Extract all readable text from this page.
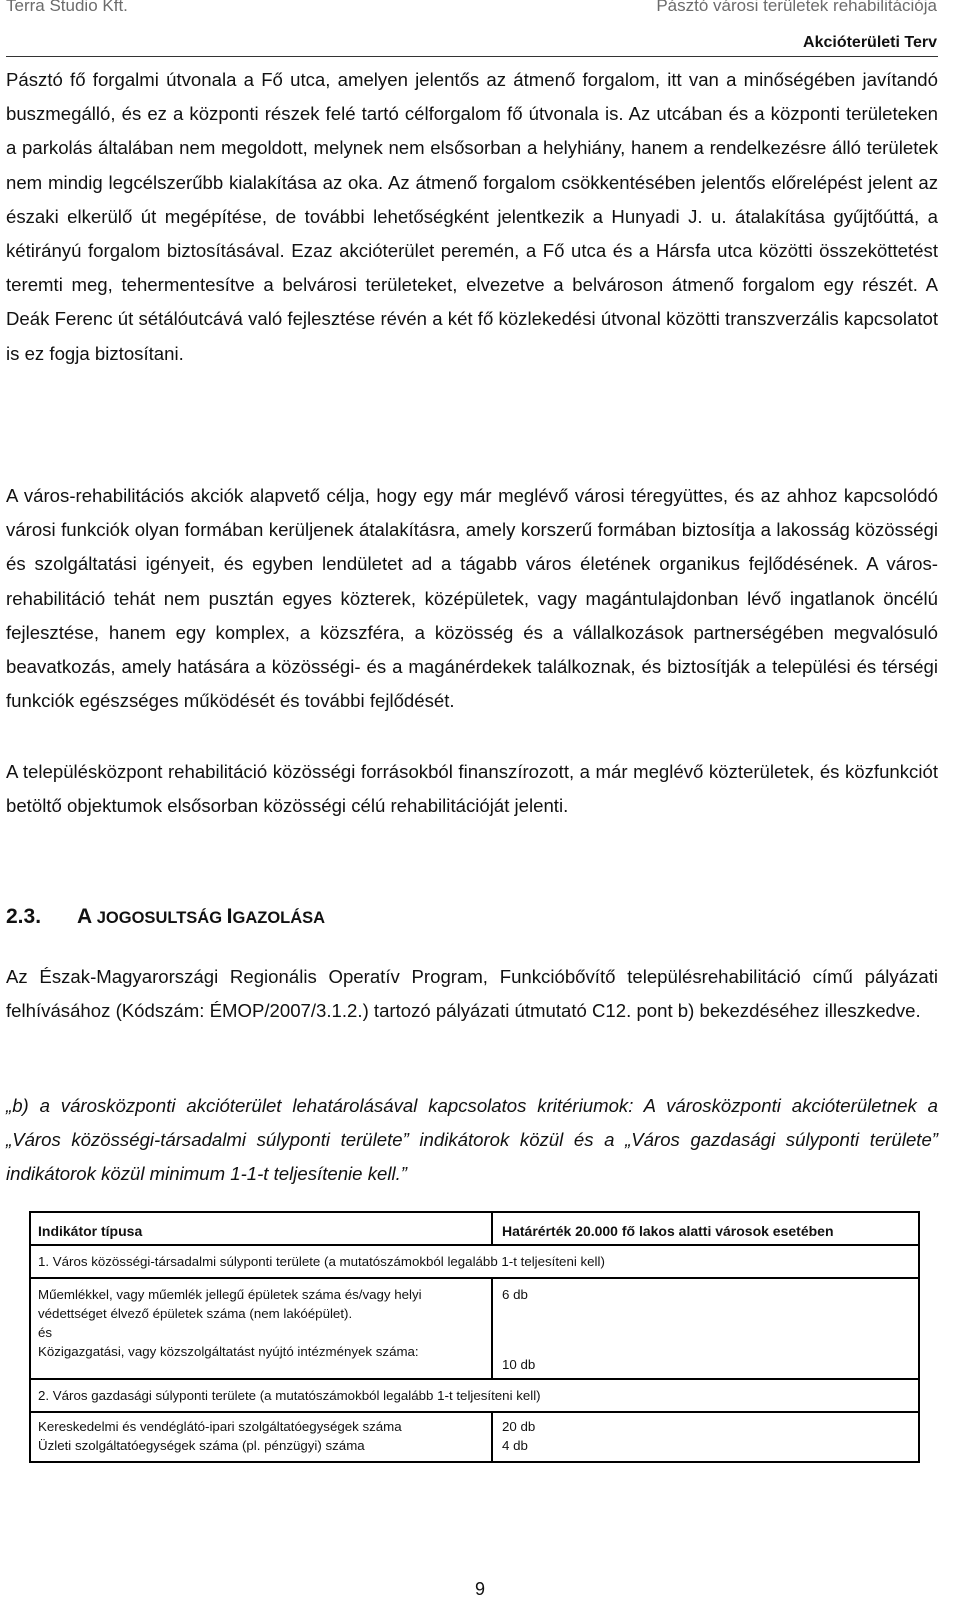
Terra Studio Kft.	Pásztó városi területek rehabilitációja
Akcióterületi Terv

Pásztó fő forgalmi útvonala a Fő utca, amelyen jelentős az átmenő forgalom, itt van a minőségében javítandó buszmegálló, és ez a központi részek felé tartó célforgalom fő útvonala is. Az utcában és a központi területeken a parkolás általában nem megoldott, melynek nem elsősorban a helyhiány, hanem a rendelkezésre álló területek nem mindig legcélszerűbb kialakítása az oka. Az átmenő forgalom csökkentésében jelentős előrelépést jelent az északi elkerülő út megépítése, de további lehetőségként jelentkezik a Hunyadi J. u. átalakítása gyűjtőúttá, a kétirányú forgalom biztosításával. Ezaz akcióterület peremén, a Fő utca és a Hársfa utca közötti összeköttetést teremti meg, tehermentesítve a belvárosi területeket, elvezetve a belvároson átmenő forgalom egy részét. A Deák Ferenc út sétálóutcává való fejlesztése révén a két fő közlekedési útvonal közötti transzverzális kapcsolatot is ez fogja biztosítani.

A város-rehabilitációs akciók alapvető célja, hogy egy már meglévő városi téregyüttes, és az ahhoz kapcsolódó városi funkciók olyan formában kerüljenek átalakításra, amely korszerű formában biztosítja a lakosság közösségi és szolgáltatási igényeit, és egyben lendületet ad a tágabb város életének organikus fejlődésének. A város-rehabilitáció tehát nem pusztán egyes közterek, középületek, vagy magántulajdonban lévő ingatlanok öncélú fejlesztése, hanem egy komplex, a közszféra, a közösség és a vállalkozások partnerségében megvalósuló beavatkozás, amely hatására a közösségi- és a magánérdekek találkoznak, és biztosítják a települési és térségi funkciók egészséges működését és további fejlődését.

A településközpont rehabilitáció közösségi forrásokból finanszírozott, a már meglévő közterületek, és közfunkciót betöltő objektumok elsősorban közösségi célú rehabilitációját jelenti.

2.3. A JOGOSULTSÁG IGAZOLÁSA

Az Észak-Magyarországi Regionális Operatív Program, Funkcióbővítő településrehabilitáció című pályázati felhívásához (Kódszám: ÉMOP/2007/3.1.2.) tartozó pályázati útmutató C12. pont b) bekezdéséhez illeszkedve.

„b) a városközponti akcióterület lehatárolásával kapcsolatos kritériumok: A városközponti akcióterületnek a „Város közösségi-társadalmi súlyponti területe” indikátorok közül és a „Város gazdasági súlyponti területe” indikátorok közül minimum 1-1-t teljesítenie kell.”

Indikátor típusa	Határérték 20.000 fő lakos alatti városok esetében
1. Város közösségi-társadalmi súlyponti területe (a mutatószámokból legalább 1-t teljesíteni kell)
Műemlékkel, vagy műemlék jellegű épületek száma és/vagy helyi
védettséget élvező épületek száma (nem lakóépület).
és
Közigazgatási, vagy közszolgáltatást nyújtó intézmények száma:
6 db
10 db
2. Város gazdasági súlyponti területe (a mutatószámokból legalább 1-t teljesíteni kell)
Kereskedelmi és vendéglátó-ipari szolgáltatóegységek száma
Üzleti szolgáltatóegységek száma (pl. pénzügyi) száma
20 db
4 db
9
